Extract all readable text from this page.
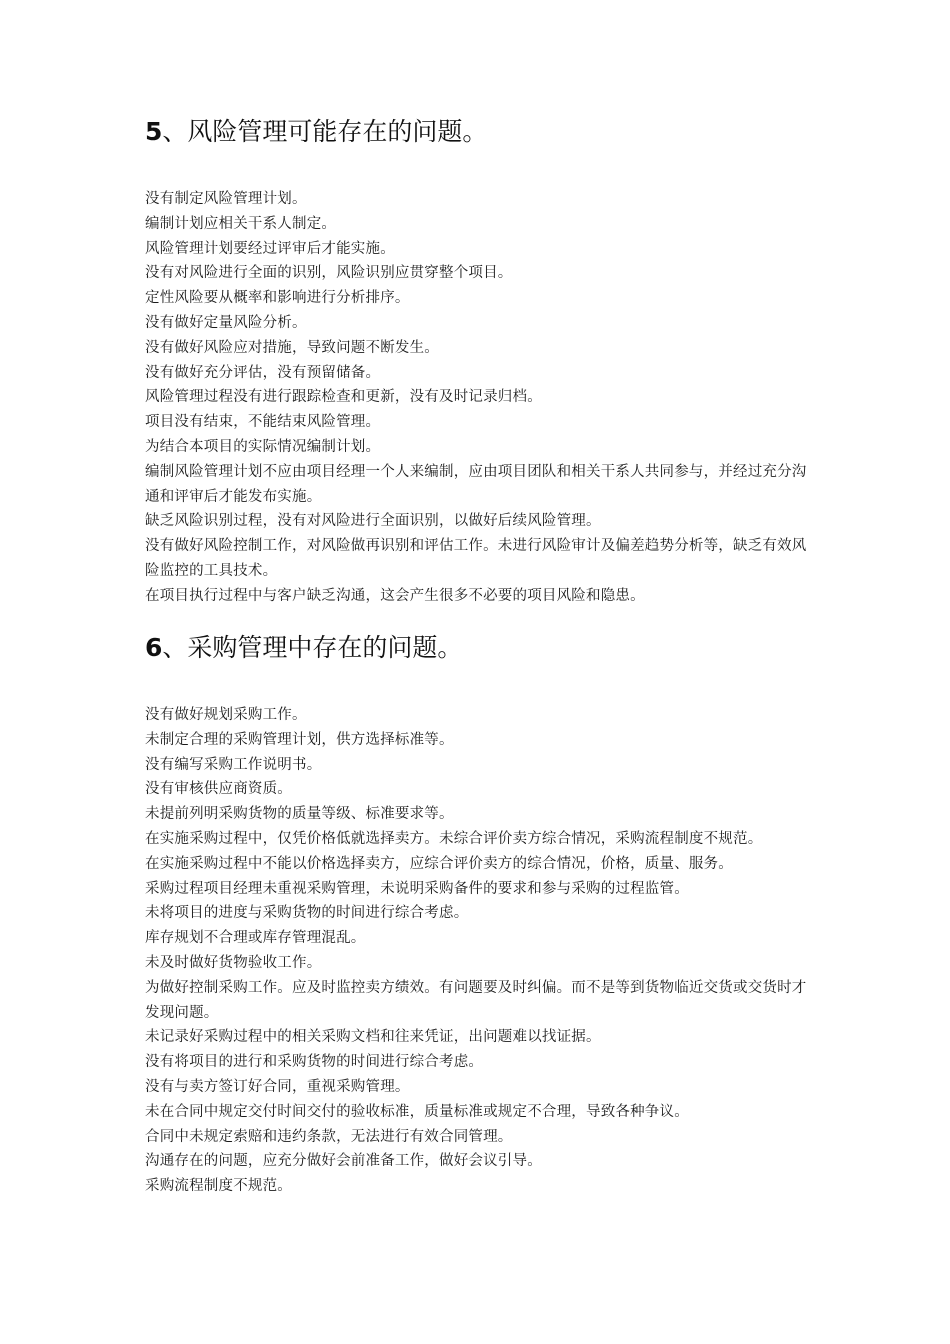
5、风险管理可能存在的问题。
没有制定风险管理计划。
编制计划应相关干系人制定。
风险管理计划要经过评审后才能实施。
没有对风险进行全面的识别，风险识别应贯穿整个项目。
定性风险要从概率和影响进行分析排序。
没有做好定量风险分析。
没有做好风险应对措施，导致问题不断发生。
没有做好充分评估，没有预留储备。
风险管理过程没有进行跟踪检查和更新，没有及时记录归档。
项目没有结束，不能结束风险管理。
为结合本项目的实际情况编制计划。
编制风险管理计划不应由项目经理一个人来编制，应由项目团队和相关干系人共同参与，并经过充分沟通和评审后才能发布实施。
缺乏风险识别过程，没有对风险进行全面识别，以做好后续风险管理。
没有做好风险控制工作，对风险做再识别和评估工作。未进行风险审计及偏差趋势分析等，缺乏有效风险监控的工具技术。
在项目执行过程中与客户缺乏沟通，这会产生很多不必要的项目风险和隐患。
6、采购管理中存在的问题。
没有做好规划采购工作。
未制定合理的采购管理计划，供方选择标准等。
没有编写采购工作说明书。
没有审核供应商资质。
未提前列明采购货物的质量等级、标准要求等。
在实施采购过程中，仅凭价格低就选择卖方。未综合评价卖方综合情况，采购流程制度不规范。
在实施采购过程中不能以价格选择卖方，应综合评价卖方的综合情况，价格，质量、服务。
采购过程项目经理未重视采购管理，未说明采购备件的要求和参与采购的过程监管。
未将项目的进度与采购货物的时间进行综合考虑。
库存规划不合理或库存管理混乱。
未及时做好货物验收工作。
为做好控制采购工作。应及时监控卖方绩效。有问题要及时纠偏。而不是等到货物临近交货或交货时才发现问题。
未记录好采购过程中的相关采购文档和往来凭证，出问题难以找证据。
没有将项目的进行和采购货物的时间进行综合考虑。
没有与卖方签订好合同，重视采购管理。
未在合同中规定交付时间交付的验收标准，质量标准或规定不合理，导致各种争议。
合同中未规定索赔和违约条款，无法进行有效合同管理。
沟通存在的问题，应充分做好会前准备工作，做好会议引导。
采购流程制度不规范。
